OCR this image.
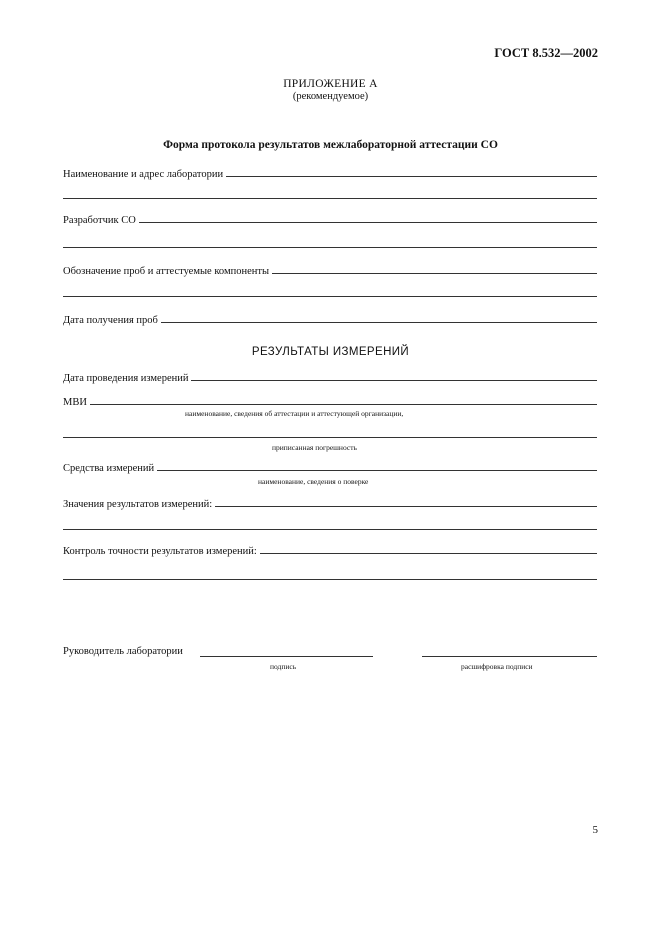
ГОСТ 8.532—2002
ПРИЛОЖЕНИЕ А
(рекомендуемое)
Форма протокола результатов межлабораторной аттестации СО
Наименование и адрес лаборатории
Разработчик СО
Обозначение проб и аттестуемые компоненты
Дата получения проб
РЕЗУЛЬТАТЫ ИЗМЕРЕНИЙ
Дата проведения измерений
МВИ
наименование, сведения об аттестации и аттестующей организации,
приписанная погрешность
Средства измерений
наименование, сведения о поверке
Значения результатов измерений:
Контроль точности результатов измерений:
Руководитель лаборатории
подпись	расшифровка подписи
5
